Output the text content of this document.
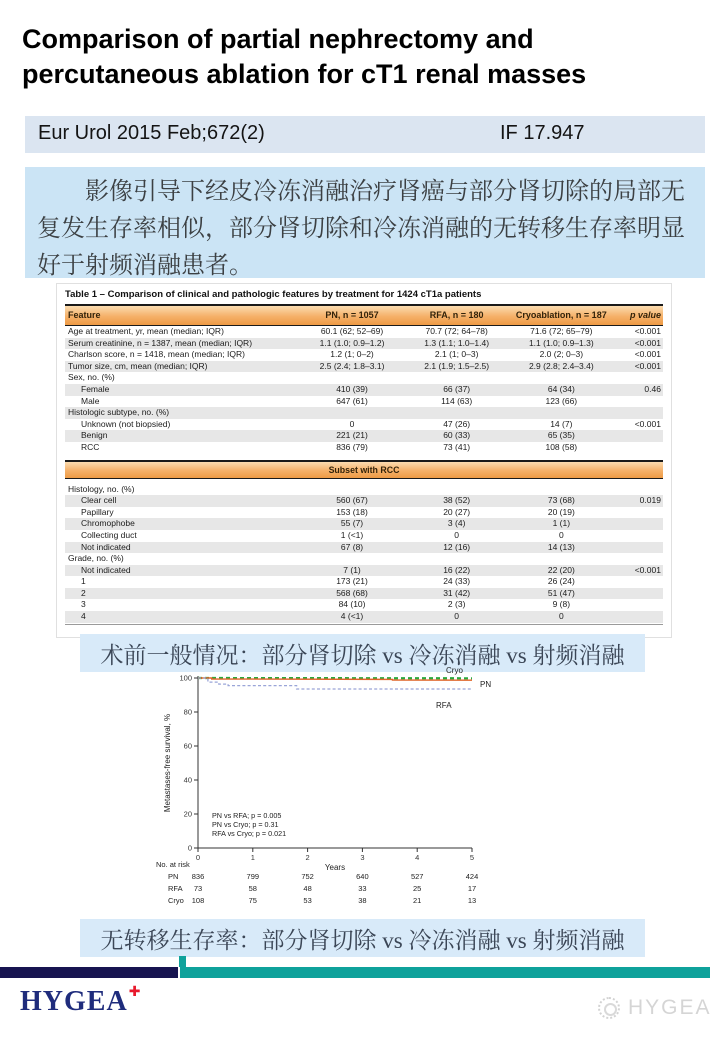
Comparison of partial nephrectomy and
percutaneous ablation for cT1 renal masses
Eur Urol 2015 Feb;672(2)	IF 17.947

影像引导下经皮冷冻消融治疗肾癌与部分肾切除的局部无复发生存率相似，部分肾切除和冷冻消融的无转移生存率明显好于射频消融患者。

Table 1 – Comparison of clinical and pathologic features by treatment for 1424 cT1a patients
Feature	PN, n = 1057	RFA, n = 180	Cryoablation, n = 187	p value
Age at treatment, yr, mean (median; IQR)	60.1 (62; 52–69)	70.7 (72; 64–78)	71.6 (72; 65–79)	<0.001
Serum creatinine, n = 1387, mean (median; IQR)	1.1 (1.0; 0.9–1.2)	1.3 (1.1; 1.0–1.4)	1.1 (1.0; 0.9–1.3)	<0.001
Charlson score, n = 1418, mean (median; IQR)	1.2 (1; 0–2)	2.1 (1; 0–3)	2.0 (2; 0–3)	<0.001
Tumor size, cm, mean (median; IQR)	2.5 (2.4; 1.8–3.1)	2.1 (1.9; 1.5–2.5)	2.9 (2.8; 2.4–3.4)	<0.001
Sex, no. (%)
Female	410 (39)	66 (37)	64 (34)	0.46
Male	647 (61)	114 (63)	123 (66)
Histologic subtype, no. (%)
Unknown (not biopsied)	0	47 (26)	14 (7)	<0.001
Benign	221 (21)	60 (33)	65 (35)
RCC	836 (79)	73 (41)	108 (58)
Subset with RCC
Histology, no. (%)
Clear cell	560 (67)	38 (52)	73 (68)	0.019
Papillary	153 (18)	20 (27)	20 (19)
Chromophobe	55 (7)	3 (4)	1 (1)
Collecting duct	1 (<1)	0	0
Not indicated	67 (8)	12 (16)	14 (13)
Grade, no. (%)
Not indicated	7 (1)	16 (22)	22 (20)	<0.001
1	173 (21)	24 (33)	26 (24)
2	568 (68)	31 (42)	51 (47)
3	84 (10)	2 (3)	9 (8)
4	4 (<1)	0	0
术前一般情况：部分肾切除 vs 冷冻消融 vs 射频消融
0
20
40
60
80
100
0	1	2	3	4	5
Years
Metastases-free survival, %
Cryo
PN
RFA
PN vs RFA; p = 0.005
PN vs Cryo; p = 0.31
RFA vs Cryo; p = 0.021
No. at risk
PN 836	799	752	640	527	424
RFA 73	58	48	33	25	17
Cryo 108	75	53	38	21	13
无转移生存率：部分肾切除 vs 冷冻消融 vs 射频消融
HYGEA✚
HYGEA
